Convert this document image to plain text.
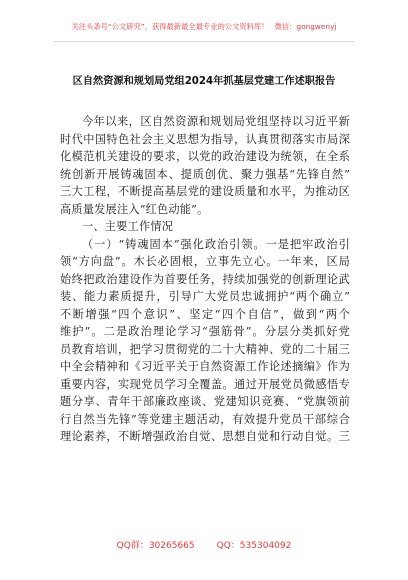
关注头条号“公文研究”，获得最新最全最专业的公文资料库！ 微信：gongwenyj
区自然资源和规划局党组2024年抓基层党建工作述职报告
今年以来，区自然资源和规划局党组坚持以习近平新
时代中国特色社会主义思想为指导，认真贯彻落实市局深
化模范机关建设的要求，以党的政治建设为统领，在全系
统创新开展铸魂固本、提质创优、聚力强基“先锋自然”
三大工程，不断提高基层党的建设质量和水平，为推动区
高质量发展注入“红色动能”。
一、主要工作情况
（一）“铸魂固本”强化政治引领。一是把牢政治引
领“方向盘”。木长必固根，立事先立心。一年来，区局
始终把政治建设作为首要任务，持续加强党的创新理论武
装、能力素质提升，引导广大党员忠诚拥护“两个确立”
不断增强“四个意识”、坚定“四个自信”，做到“两个
维护”。二是政治理论学习“强筋骨”。分层分类抓好党
员教育培训，把学习贯彻党的二十大精神、党的二十届三
中全会精神和《习近平关于自然资源工作论述摘编》作为
重要内容，实现党员学习全覆盖。通过开展党员微感悟专
题分享、青年干部廉政座谈、党建知识竞赛、“党旗领前
行自然当先锋”等党建主题活动，有效提升党员干部综合
理论素养，不断增强政治自觉、思想自觉和行动自觉。三
QQ群：30265665 QQ：535304092
